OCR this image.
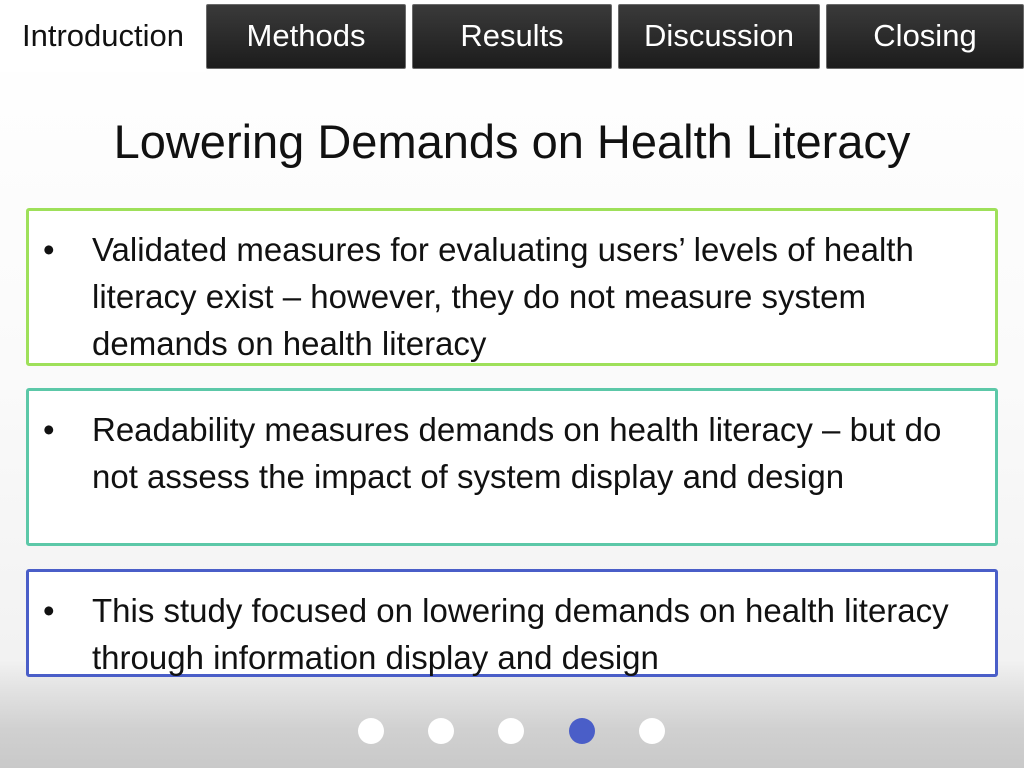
Introduction	Methods	Results	Discussion	Closing
Lowering Demands on Health Literacy
• Validated measures for evaluating users’ levels of health literacy exist – however, they do not measure system demands on health literacy
• Readability measures demands on health literacy – but do not assess the impact of system display and design
• This study focused on lowering demands on health literacy through information display and design
